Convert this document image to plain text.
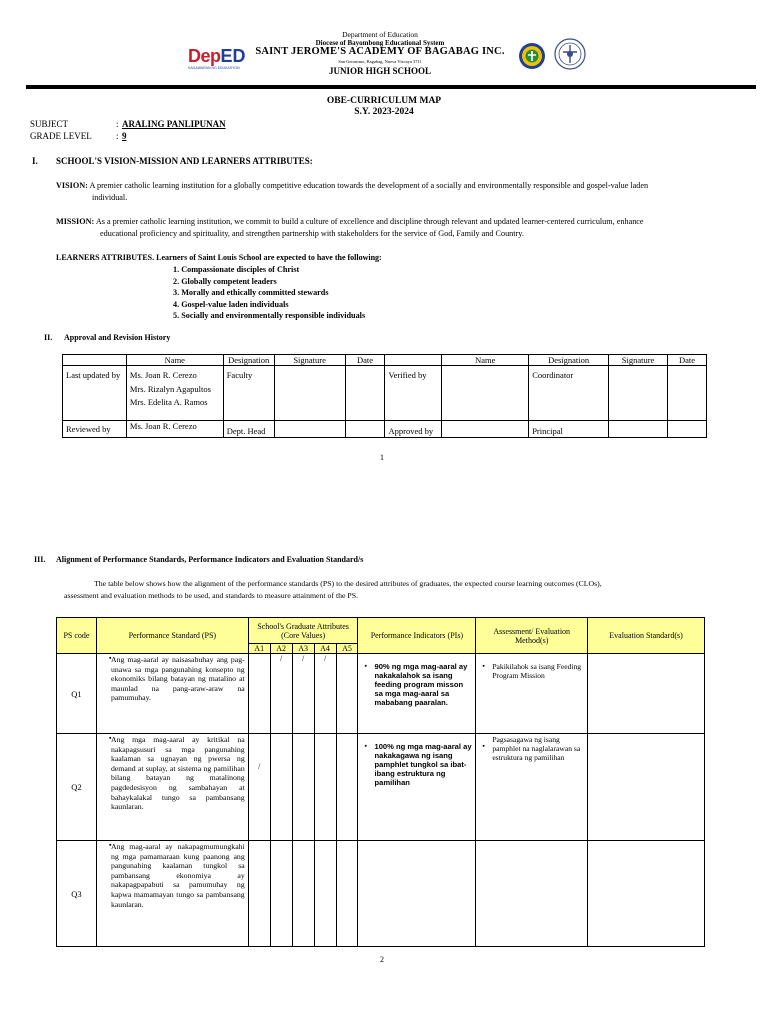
DepED
KAGAWARAN NG EDUKASYON
Department of Education
Diocese of Bayombong Educational System
SAINT JEROME'S ACADEMY OF BAGABAG INC.
San Geronimo, Bagabag, Nueva Vizcaya 3711
JUNIOR HIGH SCHOOL
OBE-CURRICULUM MAP
S.Y. 2023-2024
SUBJECT	: ARALING PANLIPUNAN
GRADE LEVEL	: 9
I. SCHOOL'S VISION-MISSION AND LEARNERS ATTRIBUTES:
VISION: A premier catholic learning institution for a globally competitive education towards the development of a socially and environmentally responsible and gospel-value laden
individual.
MISSION: As a premier catholic learning institution, we commit to build a culture of excellence and discipline through relevant and updated learner-centered curriculum, enhance
educational proficiency and spirituality, and strengthen partnership with stakeholders for the service of God, Family and Country.
LEARNERS ATTRIBUTES. Learners of Saint Louis School are expected to have the following:
1. Compassionate disciples of Christ
2. Globally competent leaders
3. Morally and ethically committed stewards
4. Gospel-value laden individuals
5. Socially and environmentally responsible individuals
II. Approval and Revision History
	Name	Designation	Signature	Date		Name	Designation	Signature	Date
Last updated by	Ms. Joan R. Cerezo
Mrs. Rizalyn Agapultos
Mrs. Edelita A. Ramos	Faculty			Verified by		Coordinator		
Reviewed by	Ms. Joan R. Cerezo	Dept. Head			Approved by		Principal		
1
III. Alignment of Performance Standards, Performance Indicators and Evaluation Standard/s
The table below shows how the alignment of the performance standards (PS) to the desired attributes of graduates, the expected course learning outcomes (CLOs),
assessment and evaluation methods to be used, and standards to measure attainment of the PS.
PS code	Performance Standard (PS)	School's Graduate Attributes (Core Values)					Performance Indicators (PIs)	Assessment/ Evaluation Method(s)	Evaluation Standard(s)
		A1	A2	A3	A4	A5			
Q1	▪ Ang mag-aaral ay naisasabuhay ang pag-unawa sa mga pangunahing konsepto ng ekonomiks bilang batayan ng matalino at maunlad na pang-araw-araw na pamumuhay.		/	/	/		▪ 90% ng mga mag-aaral ay nakakalahok sa isang feeding program misson sa mga mag-aaral sa mababang paaralan.	▪ Pakikilahok sa isang Feeding Program Mission

Q2	▪ Ang mga mag-aaral ay kritikal na nakapagsusuri sa mga pangunahing kaalaman sa ugnayan ng pwersa ng demand at suplay, at sistema ng pamilihan bilang batayan ng matalinong pagdedesisyon ng sambahayan at bahaykalakal tungo sa pambansang kaunlaran.	/					▪ 100% ng mga mag-aaral ay nakakagawa ng isang pamphlet tungkol sa ibat-ibang estruktura ng pamilihan	▪ Pagsasagawa ng isang pamphlet na naglalarawan sa estruktura ng pamilihan

Q3	▪ Ang mag-aaral ay nakapagmumungkahi ng mga pamamaraan kung paanong ang pangunahing kaalaman tungkol sa pambansang ekonomiya ay nakapagpapabuti sa pamumuhay ng kapwa mamamayan tungo sa pambansang kaunlaran.

2
